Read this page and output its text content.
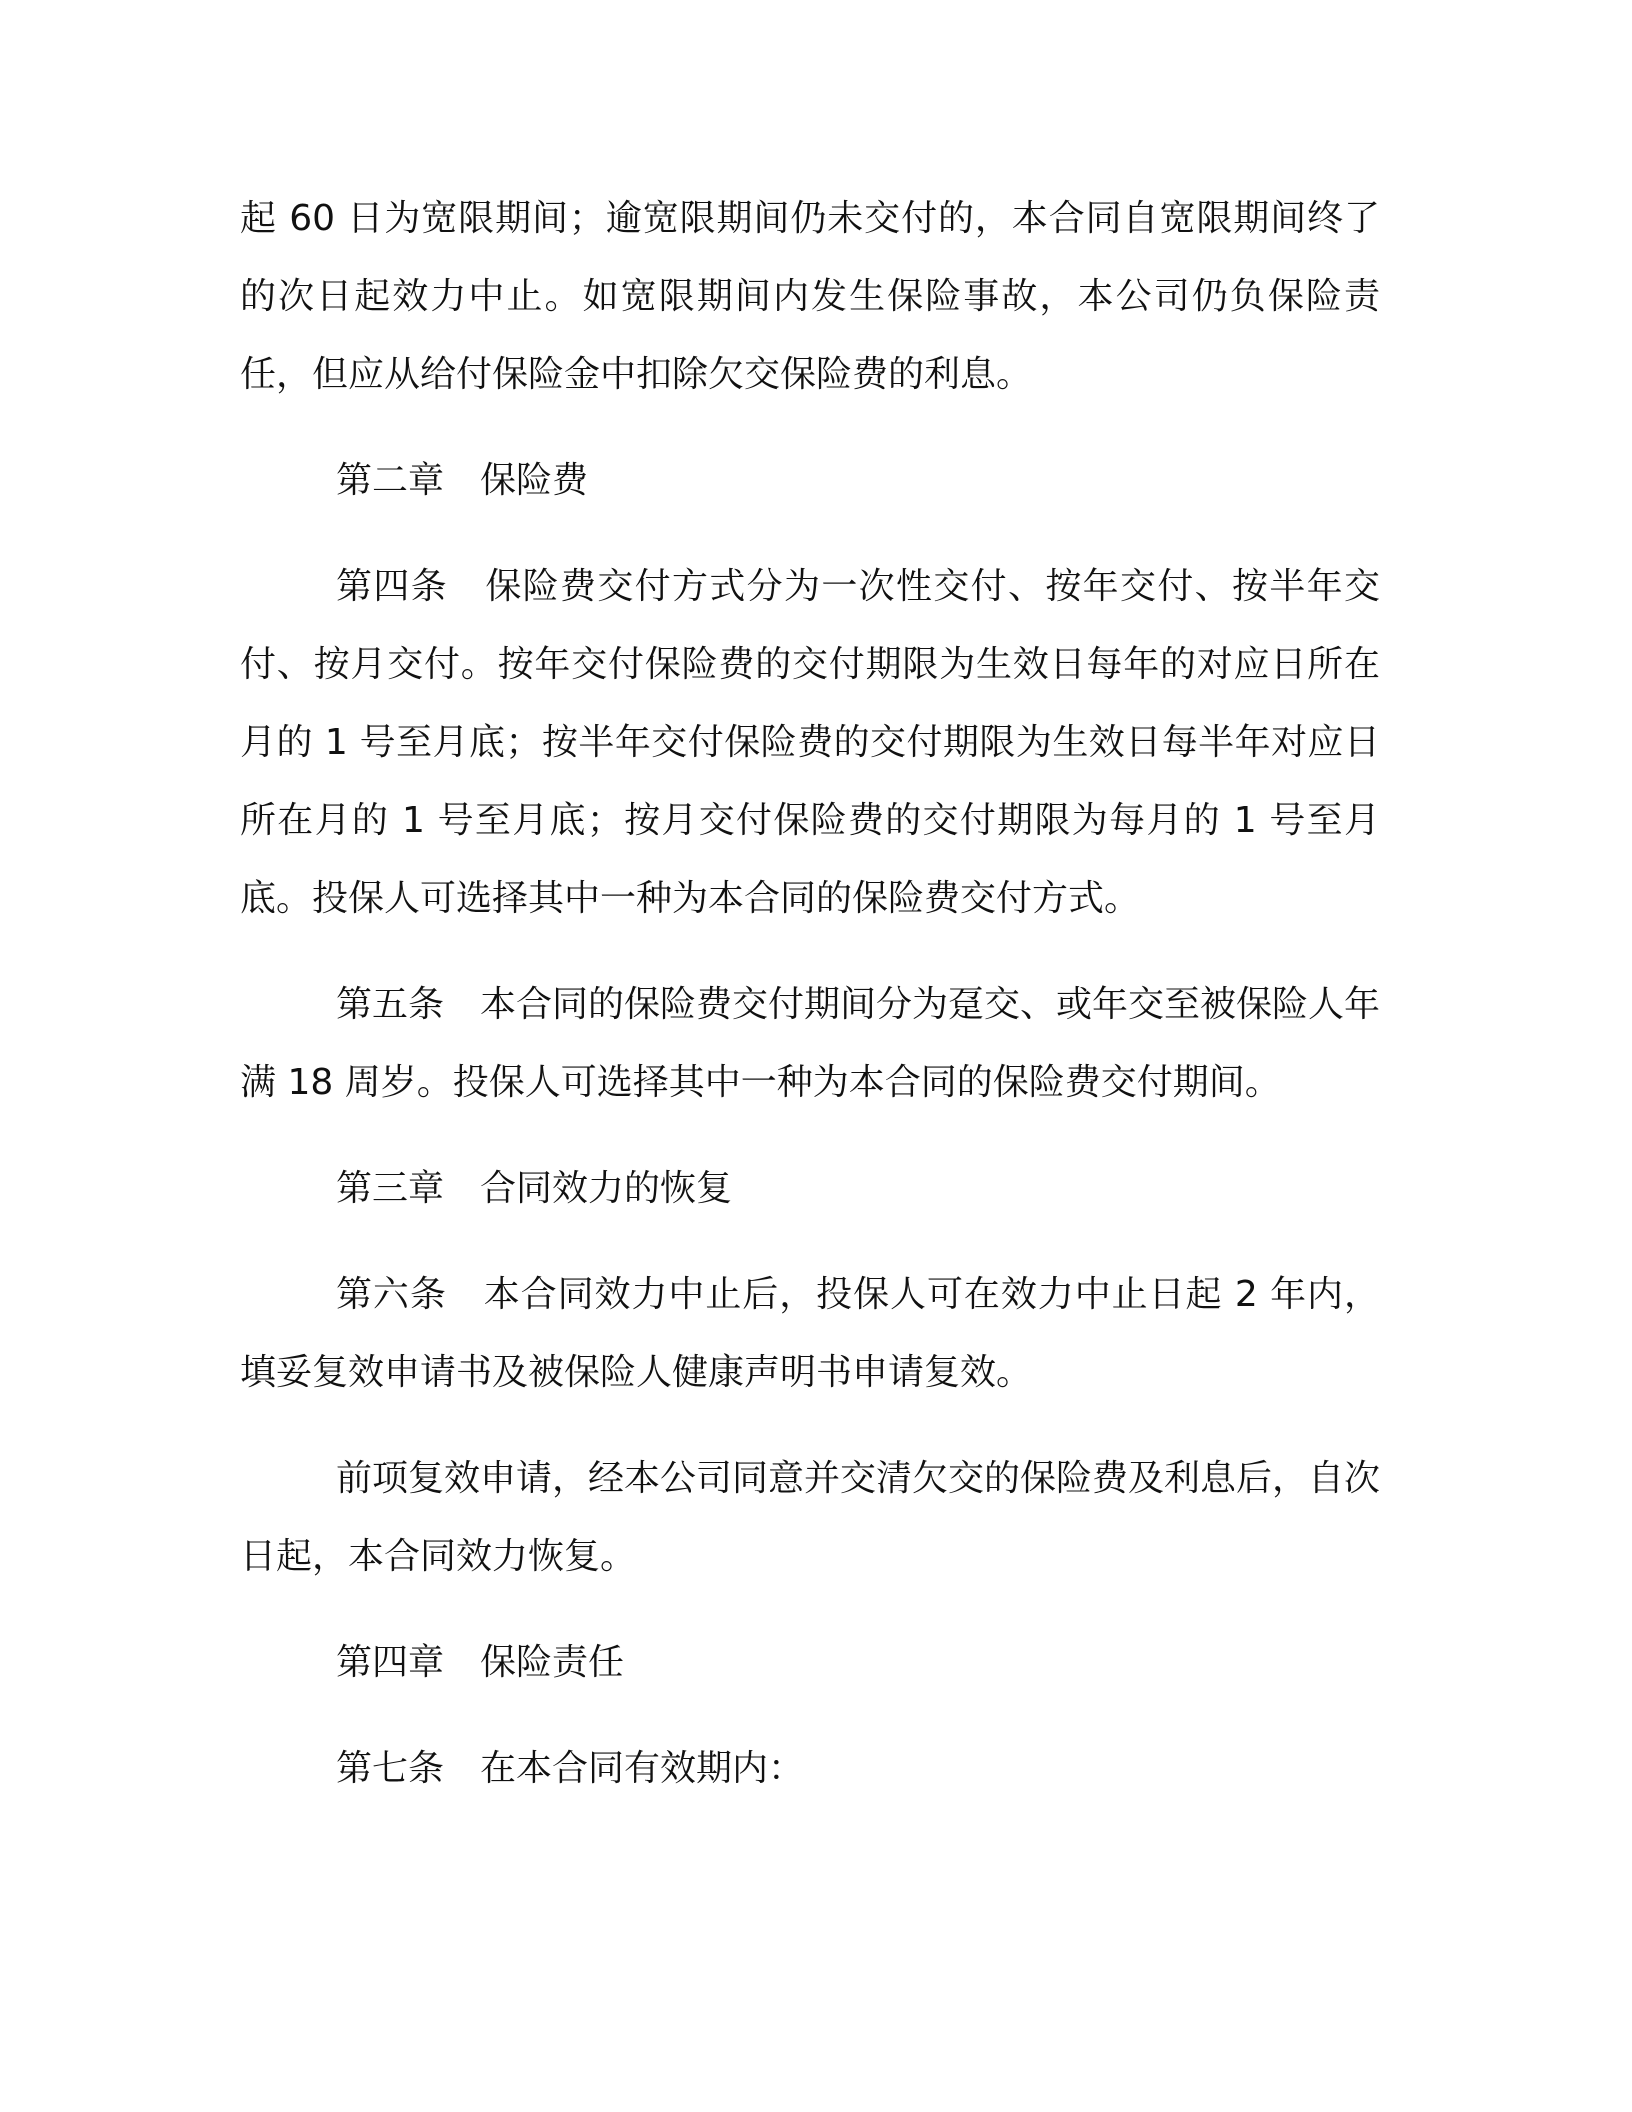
起 60 日为宽限期间；逾宽限期间仍未交付的，本合同自宽限期间终了的次日起效力中止。如宽限期间内发生保险事故，本公司仍负保险责任，但应从给付保险金中扣除欠交保险费的利息。

第二章　保险费

第四条　保险费交付方式分为一次性交付、按年交付、按半年交付、按月交付。按年交付保险费的交付期限为生效日每年的对应日所在月的 1 号至月底；按半年交付保险费的交付期限为生效日每半年对应日所在月的 1 号至月底；按月交付保险费的交付期限为每月的 1 号至月底。投保人可选择其中一种为本合同的保险费交付方式。

第五条　本合同的保险费交付期间分为趸交、或年交至被保险人年满 18 周岁。投保人可选择其中一种为本合同的保险费交付期间。

第三章　合同效力的恢复

第六条　本合同效力中止后，投保人可在效力中止日起 2 年内，填妥复效申请书及被保险人健康声明书申请复效。

前项复效申请，经本公司同意并交清欠交的保险费及利息后，自次日起，本合同效力恢复。

第四章　保险责任

第七条　在本合同有效期内：
